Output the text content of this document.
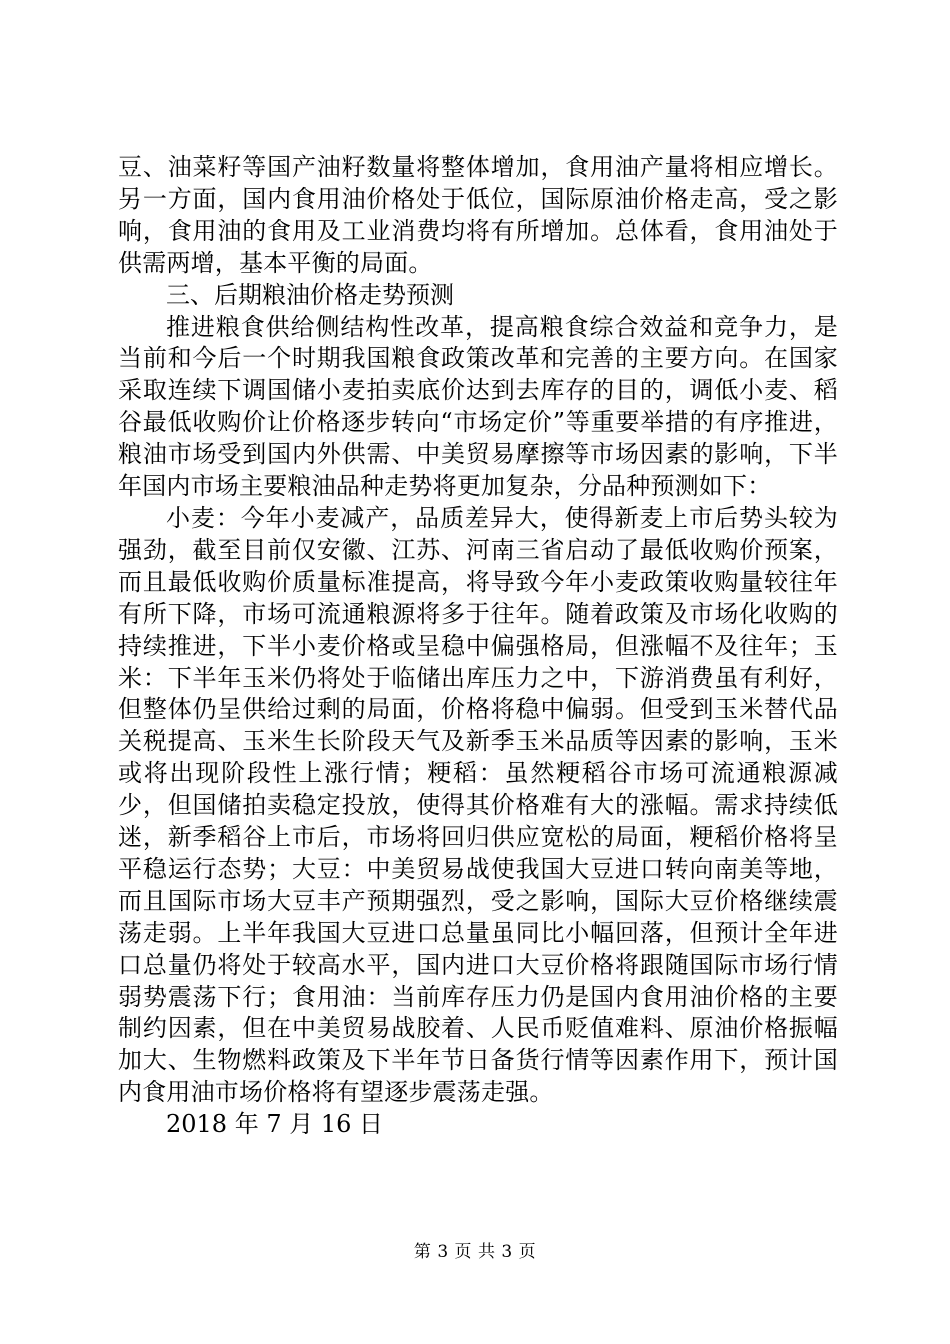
豆、油菜籽等国产油籽数量将整体增加，食用油产量将相应增长。另一方面，国内食用油价格处于低位，国际原油价格走高，受之影响，食用油的食用及工业消费均将有所增加。总体看，食用油处于供需两增，基本平衡的局面。

三、后期粮油价格走势预测

推进粮食供给侧结构性改革，提高粮食综合效益和竞争力，是当前和今后一个时期我国粮食政策改革和完善的主要方向。在国家采取连续下调国储小麦拍卖底价达到去库存的目的，调低小麦、稻谷最低收购价让价格逐步转向“市场定价”等重要举措的有序推进，粮油市场受到国内外供需、中美贸易摩擦等市场因素的影响，下半年国内市场主要粮油品种走势将更加复杂，分品种预测如下：

小麦：今年小麦减产，品质差异大，使得新麦上市后势头较为强劲，截至目前仅安徽、江苏、河南三省启动了最低收购价预案，而且最低收购价质量标准提高，将导致今年小麦政策收购量较往年有所下降，市场可流通粮源将多于往年。随着政策及市场化收购的持续推进，下半小麦价格或呈稳中偏强格局，但涨幅不及往年；玉米：下半年玉米仍将处于临储出库压力之中，下游消费虽有利好，但整体仍呈供给过剩的局面，价格将稳中偏弱。但受到玉米替代品关税提高、玉米生长阶段天气及新季玉米品质等因素的影响，玉米或将出现阶段性上涨行情；粳稻：虽然粳稻谷市场可流通粮源减少，但国储拍卖稳定投放，使得其价格难有大的涨幅。需求持续低迷，新季稻谷上市后，市场将回归供应宽松的局面，粳稻价格将呈平稳运行态势；大豆：中美贸易战使我国大豆进口转向南美等地，而且国际市场大豆丰产预期强烈，受之影响，国际大豆价格继续震荡走弱。上半年我国大豆进口总量虽同比小幅回落，但预计全年进口总量仍将处于较高水平，国内进口大豆价格将跟随国际市场行情弱势震荡下行；食用油：当前库存压力仍是国内食用油价格的主要制约因素，但在中美贸易战胶着、人民币贬值难料、原油价格振幅加大、生物燃料政策及下半年节日备货行情等因素作用下，预计国内食用油市场价格将有望逐步震荡走强。

2018 年 7 月 16 日

第 3 页 共 3 页
